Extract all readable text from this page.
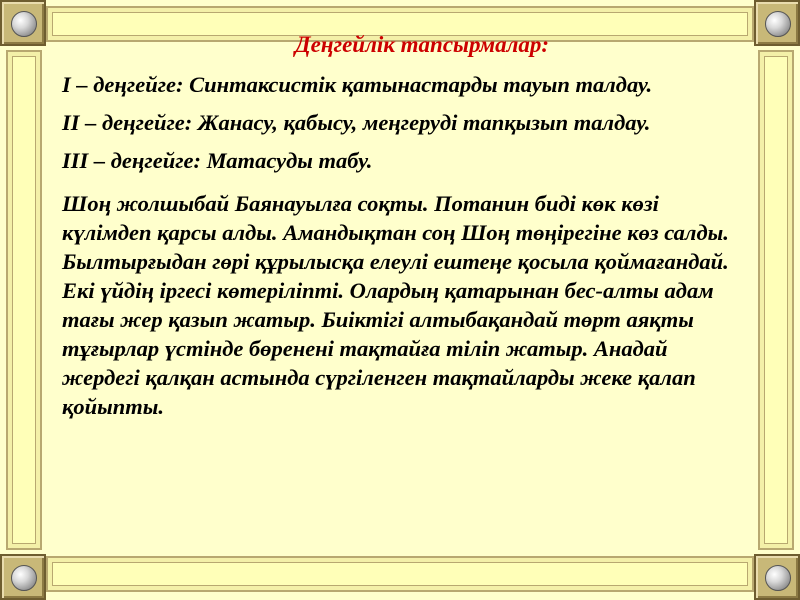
Деңгейлік тапсырмалар:

І – деңгейге: Синтаксистік қатынастарды тауып талдау.

ІІ – деңгейге: Жанасу, қабысу, меңгеруді тапқызып талдау.

ІІІ – деңгейге: Матасуды табу.

Шоң жолшыбай Баянауылға соқты. Потанин биді көк көзі күлімдеп қарсы алды. Амандықтан соң Шоң төңірегіне көз салды. Былтырғыдан гөрі құрылысқа елеулі ештеңе қосыла қоймағандай. Екі үйдің іргесі көтеріліпті. Олардың қатарынан бес-алты адам тағы жер қазып жатыр. Биіктігі алтыбақандай төрт аяқты тұғырлар үстінде бөренені тақтайға тіліп жатыр. Анадай жердегі қалқан астында сүргіленген тақтайларды жеке қалап қойыпты.
